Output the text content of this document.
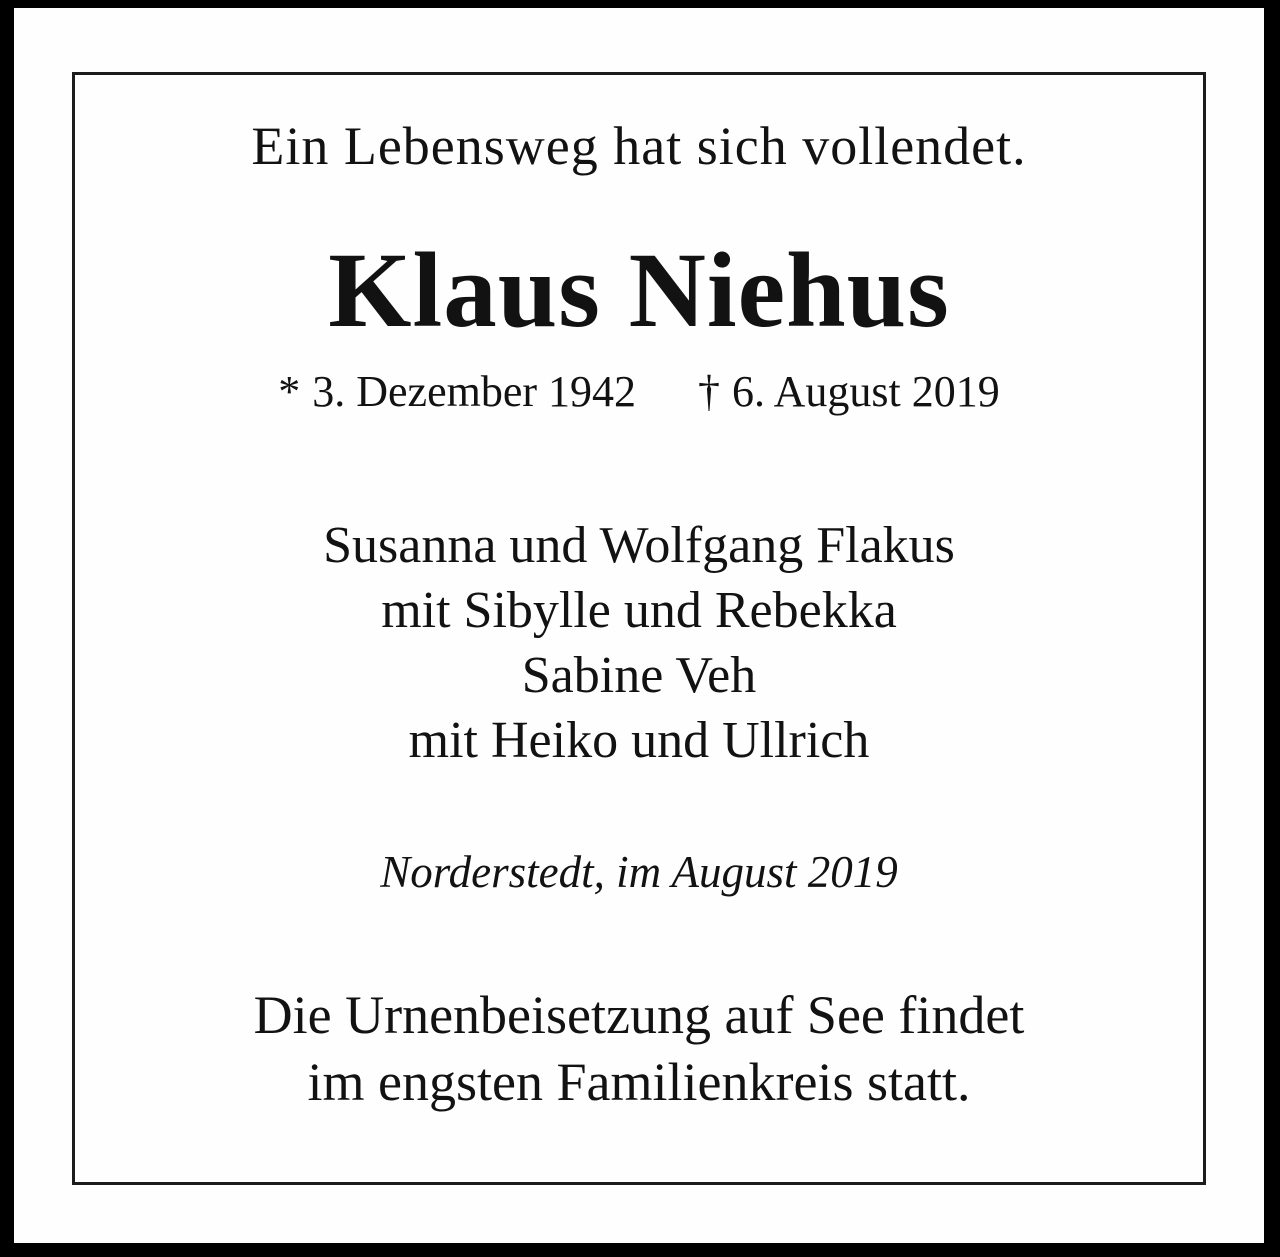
Ein Lebensweg hat sich vollendet.
Klaus Niehus
* 3. Dezember 1942 † 6. August 2019
Susanna und Wolfgang Flakus
mit Sibylle und Rebekka
Sabine Veh
mit Heiko und Ullrich
Norderstedt, im August 2019
Die Urnenbeisetzung auf See findet
im engsten Familienkreis statt.
